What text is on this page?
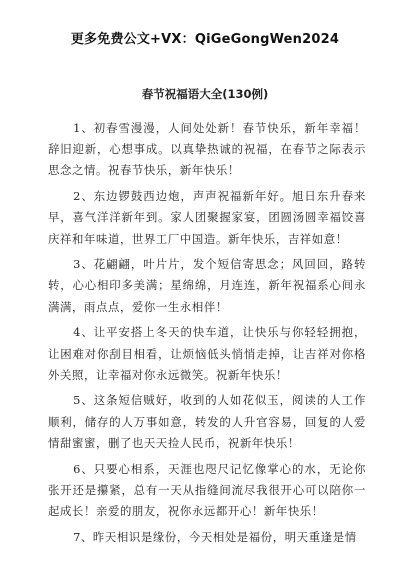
更多免费公文+VX：QiGeGongWen2024
春节祝福语大全(130例)

1、初春雪漫漫，人间处处新！春节快乐，新年幸福！辞旧迎新，心想事成。以真挚热诚的祝福，在春节之际表示思念之情。祝春节快乐，新年快乐！

2、东边锣鼓西边炮，声声祝福新年好。旭日东升春来早，喜气洋洋新年到。家人团聚握家宴，团圆汤圆幸福饺喜庆祥和年味道，世界工厂中国造。新年快乐，吉祥如意！

3、花翩翩，叶片片，发个短信寄思念；风回回，路转转，心心相印多美满；星绵绵，月连连，新年祝福系心间永满满，雨点点，爱你一生永相伴！

4、让平安搭上冬天的快车道，让快乐与你轻轻拥抱，让困难对你刮目相看，让烦恼低头悄悄走掉，让吉祥对你格外关照，让幸福对你永远微笑。祝新年快乐！

5、这条短信贼好，收到的人如花似玉，阅读的人工作顺利，储存的人万事如意，转发的人升官容易，回复的人爱情甜蜜蜜，删了也天天捡人民币，祝新年快乐！

6、只要心相系，天涯也咫尺记忆像掌心的水，无论你张开还是攥紧，总有一天从指缝间流尽我很开心可以陪你一起成长！亲爱的朋友，祝你永远都开心！新年快乐！

7、昨天相识是缘份，今天相处是福份，明天重逢是情
